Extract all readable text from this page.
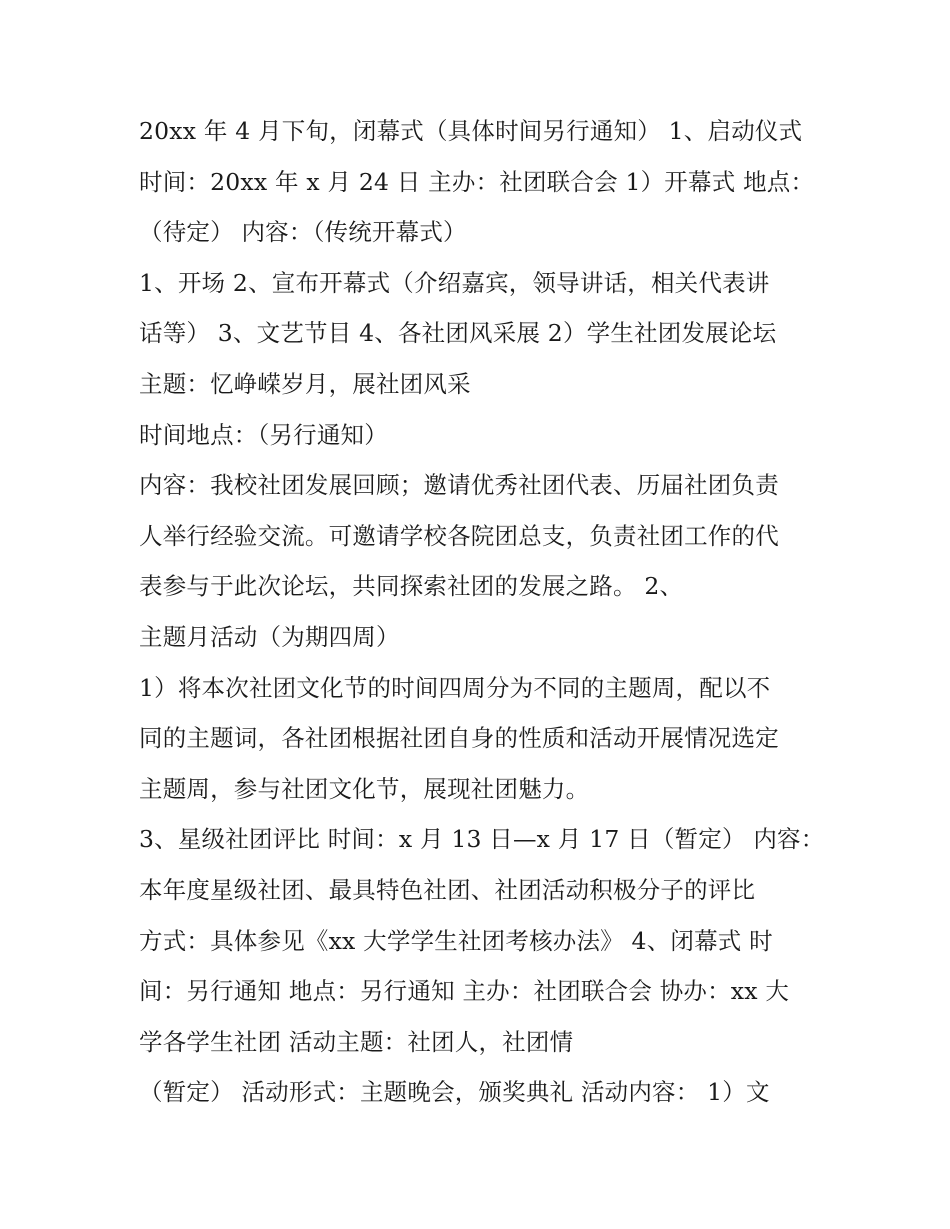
20xx 年 4 月下旬，闭幕式（具体时间另行通知） 1、启动仪式
时间：20xx 年 x 月 24 日 主办：社团联合会 1）开幕式 地点：
（待定） 内容：（传统开幕式）
1、开场 2、宣布开幕式（介绍嘉宾，领导讲话，相关代表讲
话等） 3、文艺节目 4、各社团风采展 2）学生社团发展论坛
主题：忆峥嵘岁月，展社团风采
时间地点：（另行通知）
内容：我校社团发展回顾；邀请优秀社团代表、历届社团负责
人举行经验交流。可邀请学校各院团总支，负责社团工作的代
表参与于此次论坛，共同探索社团的发展之路。 2、
主题月活动（为期四周）
1）将本次社团文化节的时间四周分为不同的主题周，配以不
同的主题词，各社团根据社团自身的性质和活动开展情况选定
主题周，参与社团文化节，展现社团魅力。
3、星级社团评比 时间：x 月 13 日—x 月 17 日（暂定） 内容：
本年度星级社团、最具特色社团、社团活动积极分子的评比
方式：具体参见《xx 大学学生社团考核办法》 4、闭幕式 时
间：另行通知 地点：另行通知 主办：社团联合会 协办：xx 大
学各学生社团 活动主题：社团人，社团情
（暂定） 活动形式：主题晚会，颁奖典礼 活动内容： 1）文
